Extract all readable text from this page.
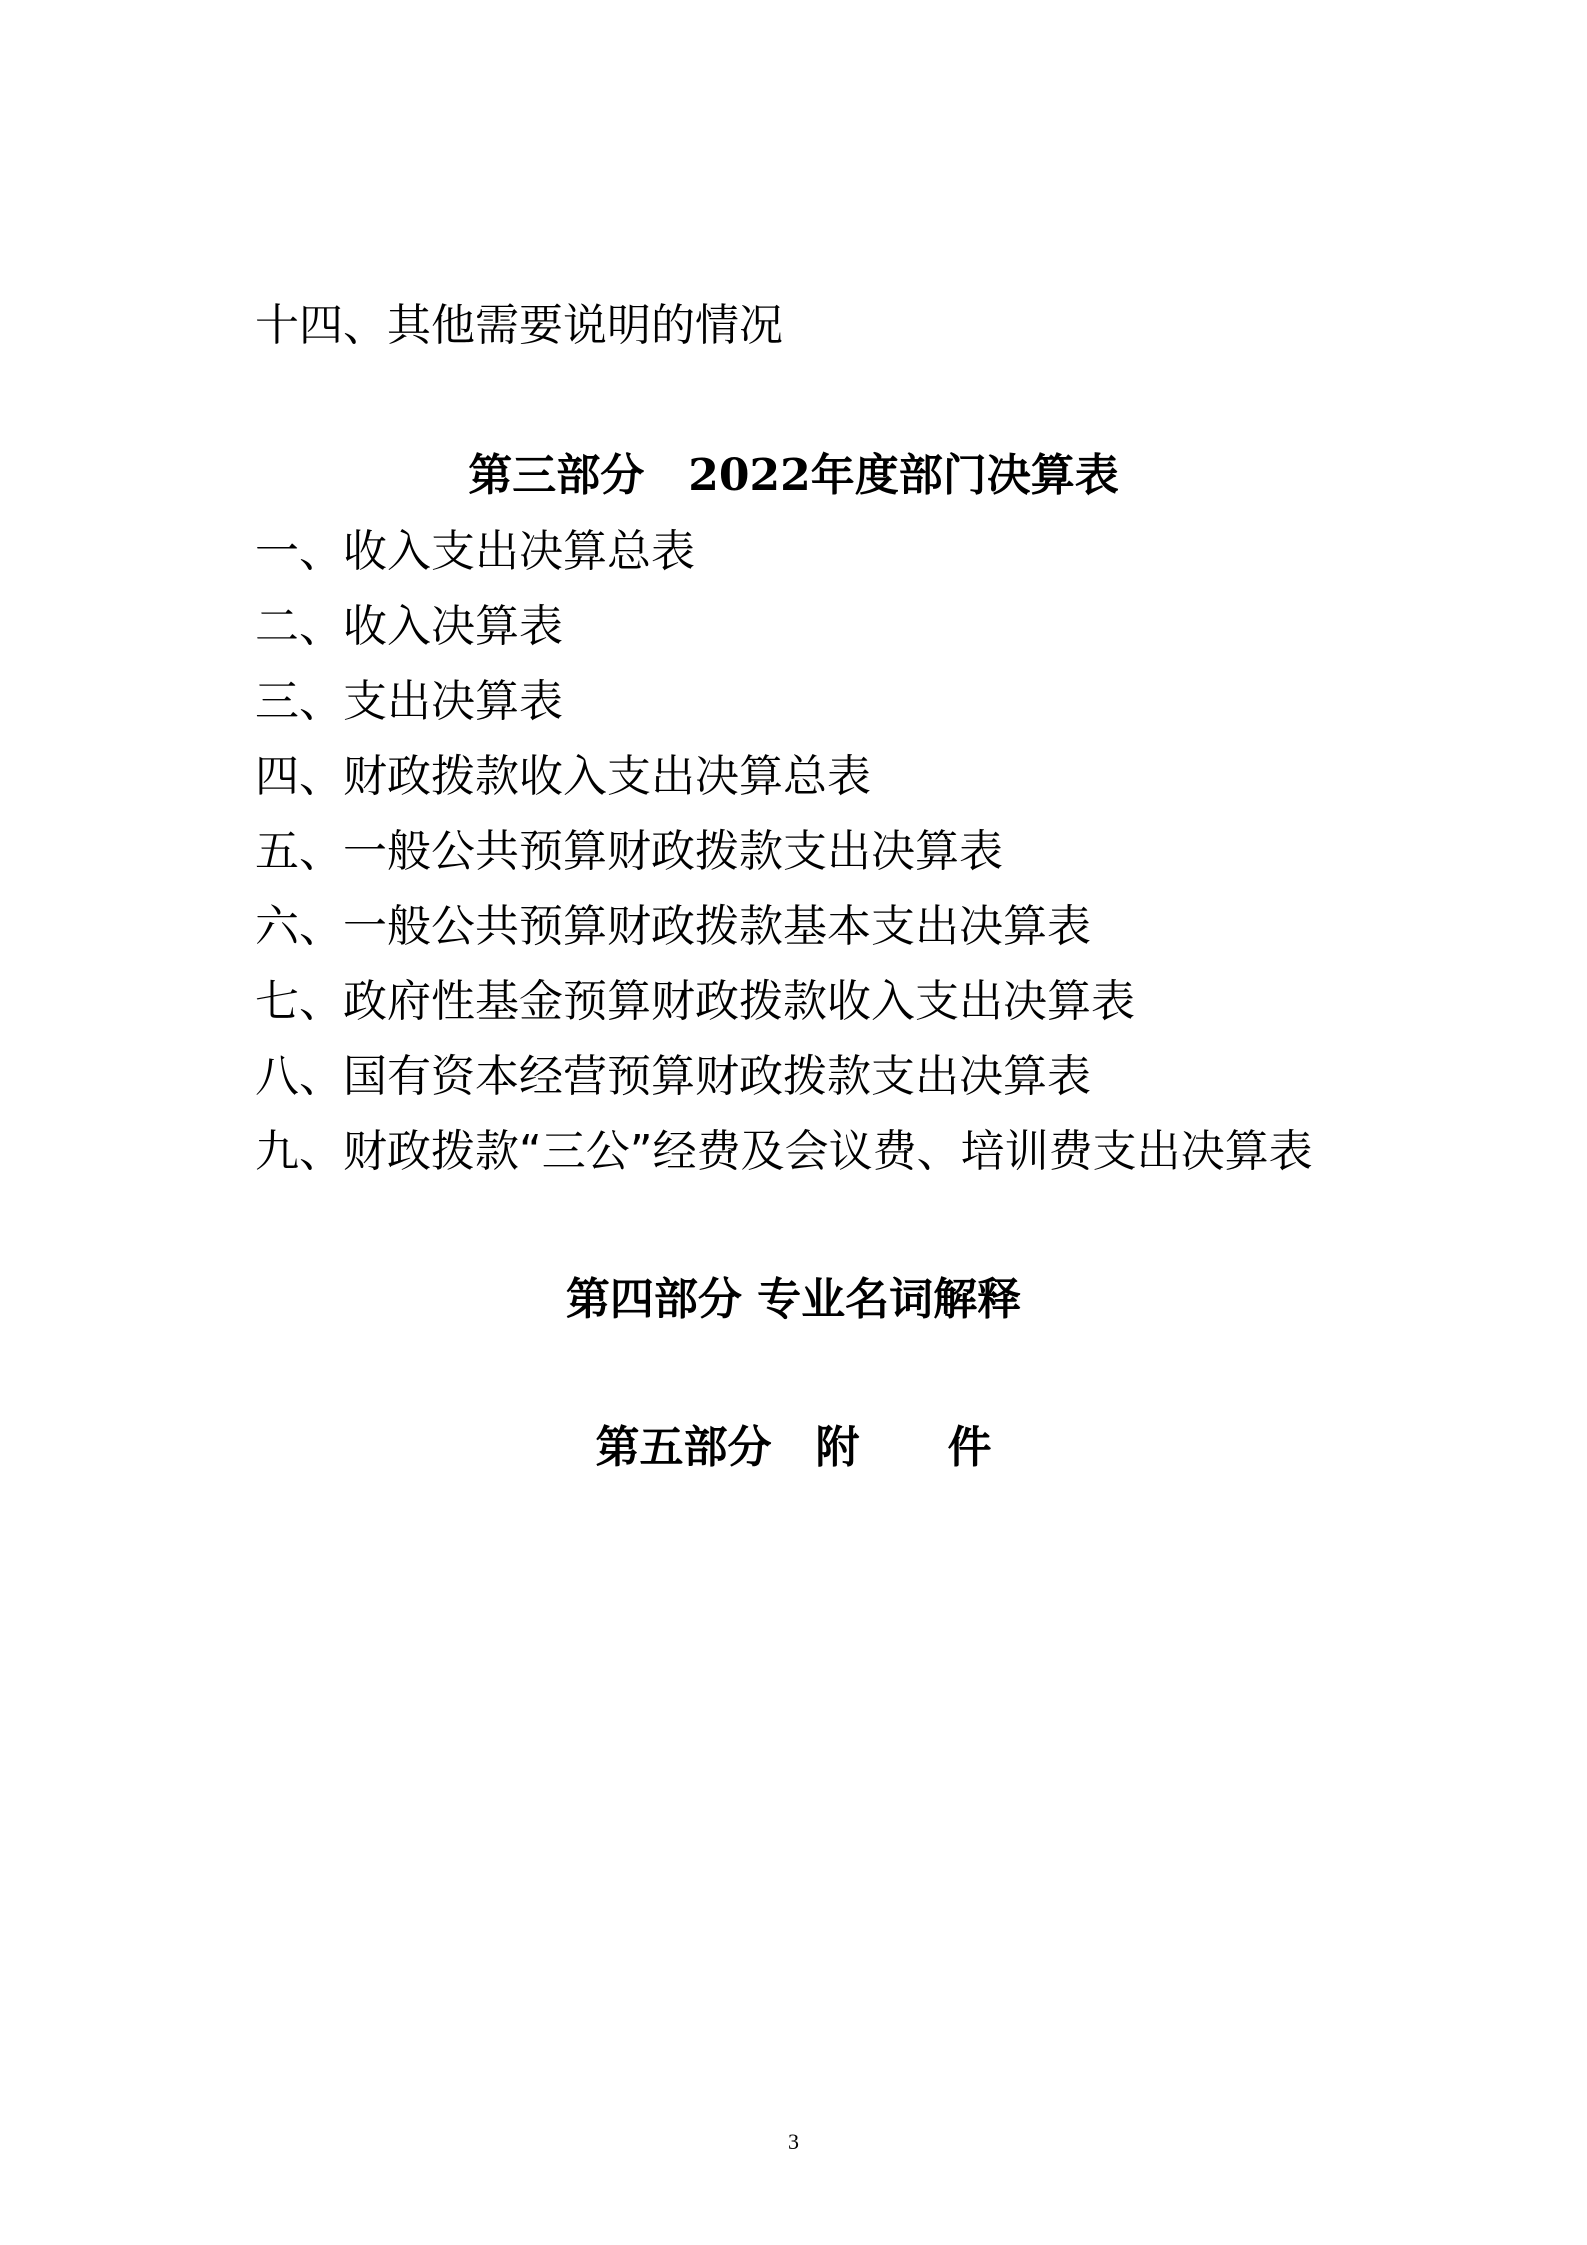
十四、其他需要说明的情况
第三部分　2022年度部门决算表
一、收入支出决算总表
二、收入决算表
三、支出决算表
四、财政拨款收入支出决算总表
五、一般公共预算财政拨款支出决算表
六、一般公共预算财政拨款基本支出决算表
七、政府性基金预算财政拨款收入支出决算表
八、国有资本经营预算财政拨款支出决算表
九、财政拨款“三公”经费及会议费、培训费支出决算表
第四部分 专业名词解释
第五部分　附　　件
3
